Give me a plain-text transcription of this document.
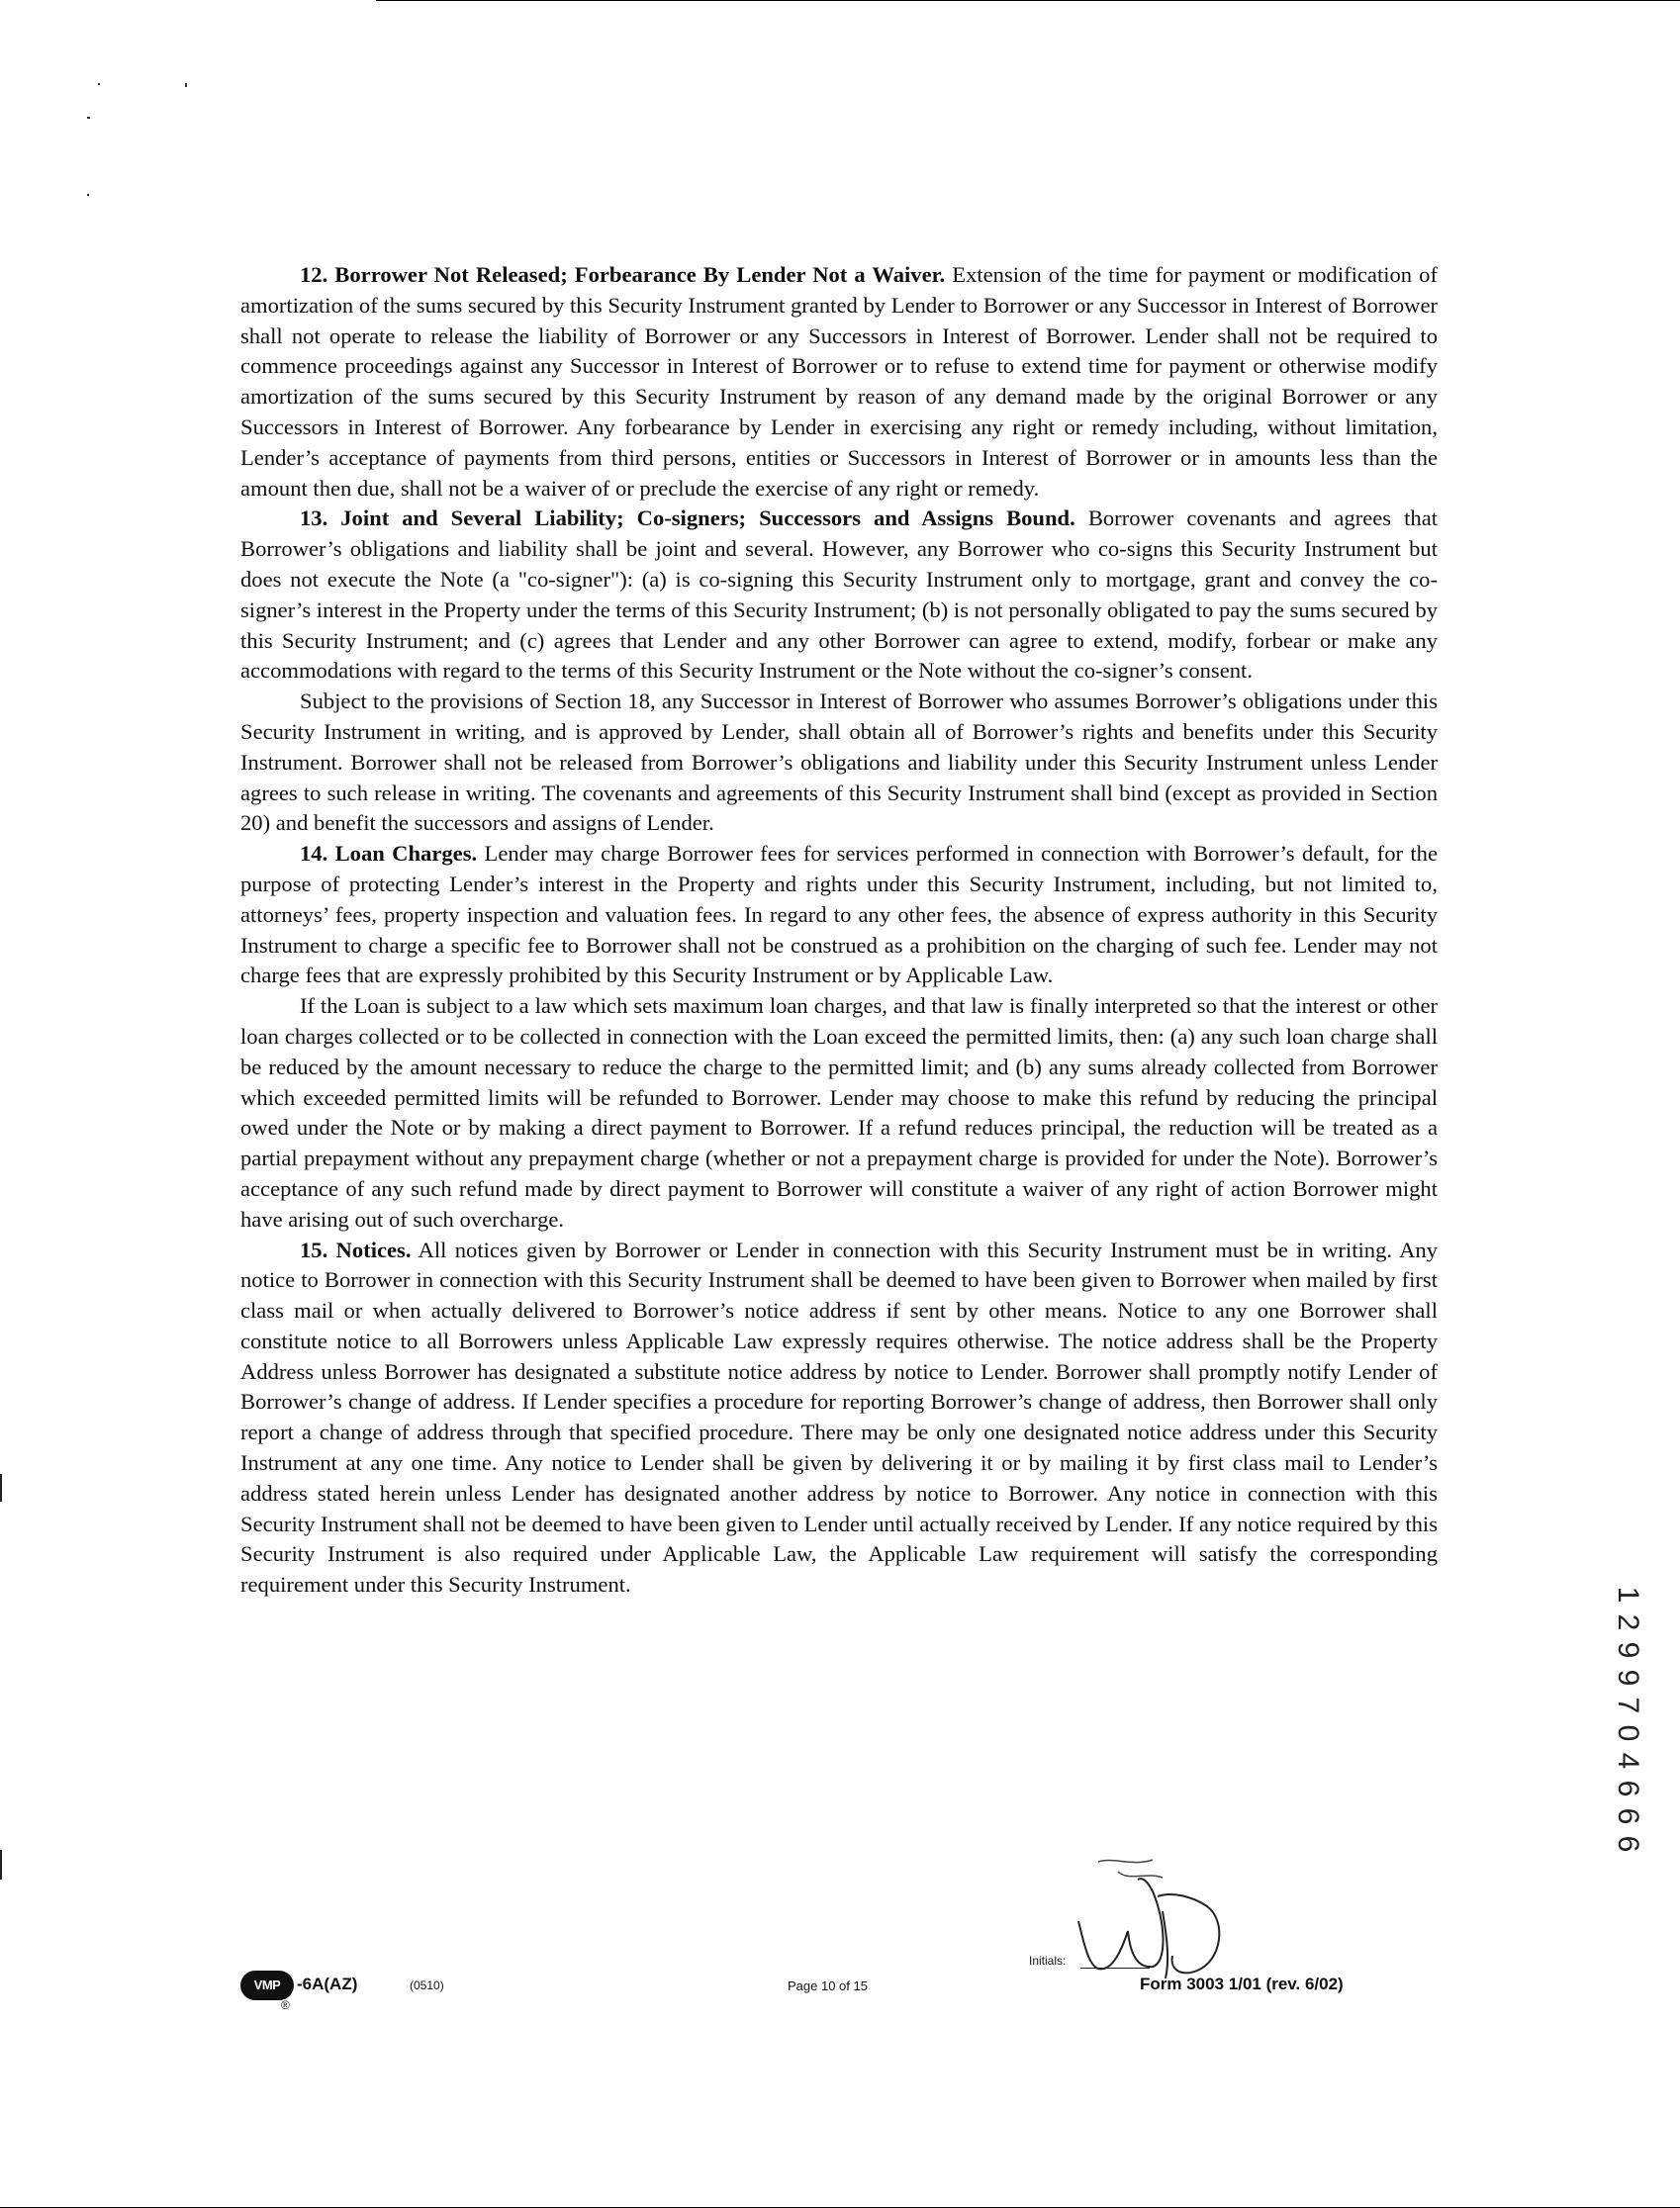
12. Borrower Not Released; Forbearance By Lender Not a Waiver. Extension of the time for payment or modification of amortization of the sums secured by this Security Instrument granted by Lender to Borrower or any Successor in Interest of Borrower shall not operate to release the liability of Borrower or any Successors in Interest of Borrower. Lender shall not be required to commence proceedings against any Successor in Interest of Borrower or to refuse to extend time for payment or otherwise modify amortization of the sums secured by this Security Instrument by reason of any demand made by the original Borrower or any Successors in Interest of Borrower. Any forbearance by Lender in exercising any right or remedy including, without limitation, Lender’s acceptance of payments from third persons, entities or Successors in Interest of Borrower or in amounts less than the amount then due, shall not be a waiver of or preclude the exercise of any right or remedy.

13. Joint and Several Liability; Co-signers; Successors and Assigns Bound. Borrower covenants and agrees that Borrower’s obligations and liability shall be joint and several. However, any Borrower who co-signs this Security Instrument but does not execute the Note (a "co-signer"): (a) is co-signing this Security Instrument only to mortgage, grant and convey the co-signer’s interest in the Property under the terms of this Security Instrument; (b) is not personally obligated to pay the sums secured by this Security Instrument; and (c) agrees that Lender and any other Borrower can agree to extend, modify, forbear or make any accommodations with regard to the terms of this Security Instrument or the Note without the co-signer’s consent.

Subject to the provisions of Section 18, any Successor in Interest of Borrower who assumes Borrower’s obligations under this Security Instrument in writing, and is approved by Lender, shall obtain all of Borrower’s rights and benefits under this Security Instrument. Borrower shall not be released from Borrower’s obligations and liability under this Security Instrument unless Lender agrees to such release in writing. The covenants and agreements of this Security Instrument shall bind (except as provided in Section 20) and benefit the successors and assigns of Lender.

14. Loan Charges. Lender may charge Borrower fees for services performed in connection with Borrower’s default, for the purpose of protecting Lender’s interest in the Property and rights under this Security Instrument, including, but not limited to, attorneys’ fees, property inspection and valuation fees. In regard to any other fees, the absence of express authority in this Security Instrument to charge a specific fee to Borrower shall not be construed as a prohibition on the charging of such fee. Lender may not charge fees that are expressly prohibited by this Security Instrument or by Applicable Law.

If the Loan is subject to a law which sets maximum loan charges, and that law is finally interpreted so that the interest or other loan charges collected or to be collected in connection with the Loan exceed the permitted limits, then: (a) any such loan charge shall be reduced by the amount necessary to reduce the charge to the permitted limit; and (b) any sums already collected from Borrower which exceeded permitted limits will be refunded to Borrower. Lender may choose to make this refund by reducing the principal owed under the Note or by making a direct payment to Borrower. If a refund reduces principal, the reduction will be treated as a partial prepayment without any prepayment charge (whether or not a prepayment charge is provided for under the Note). Borrower’s acceptance of any such refund made by direct payment to Borrower will constitute a waiver of any right of action Borrower might have arising out of such overcharge.

15. Notices. All notices given by Borrower or Lender in connection with this Security Instrument must be in writing. Any notice to Borrower in connection with this Security Instrument shall be deemed to have been given to Borrower when mailed by first class mail or when actually delivered to Borrower’s notice address if sent by other means. Notice to any one Borrower shall constitute notice to all Borrowers unless Applicable Law expressly requires otherwise. The notice address shall be the Property Address unless Borrower has designated a substitute notice address by notice to Lender. Borrower shall promptly notify Lender of Borrower’s change of address. If Lender specifies a procedure for reporting Borrower’s change of address, then Borrower shall only report a change of address through that specified procedure. There may be only one designated notice address under this Security Instrument at any one time. Any notice to Lender shall be given by delivering it or by mailing it by first class mail to Lender’s address stated herein unless Lender has designated another address by notice to Borrower. Any notice in connection with this Security Instrument shall not be deemed to have been given to Lender until actually received by Lender. If any notice required by this Security Instrument is also required under Applicable Law, the Applicable Law requirement will satisfy the corresponding requirement under this Security Instrument.	1
2
9
9
7
0
4
6
6
6
VMP
®
-6A(AZ)	(0510)	Page 10 of 15
Initials:
Form 3003 1/01 (rev. 6/02)
